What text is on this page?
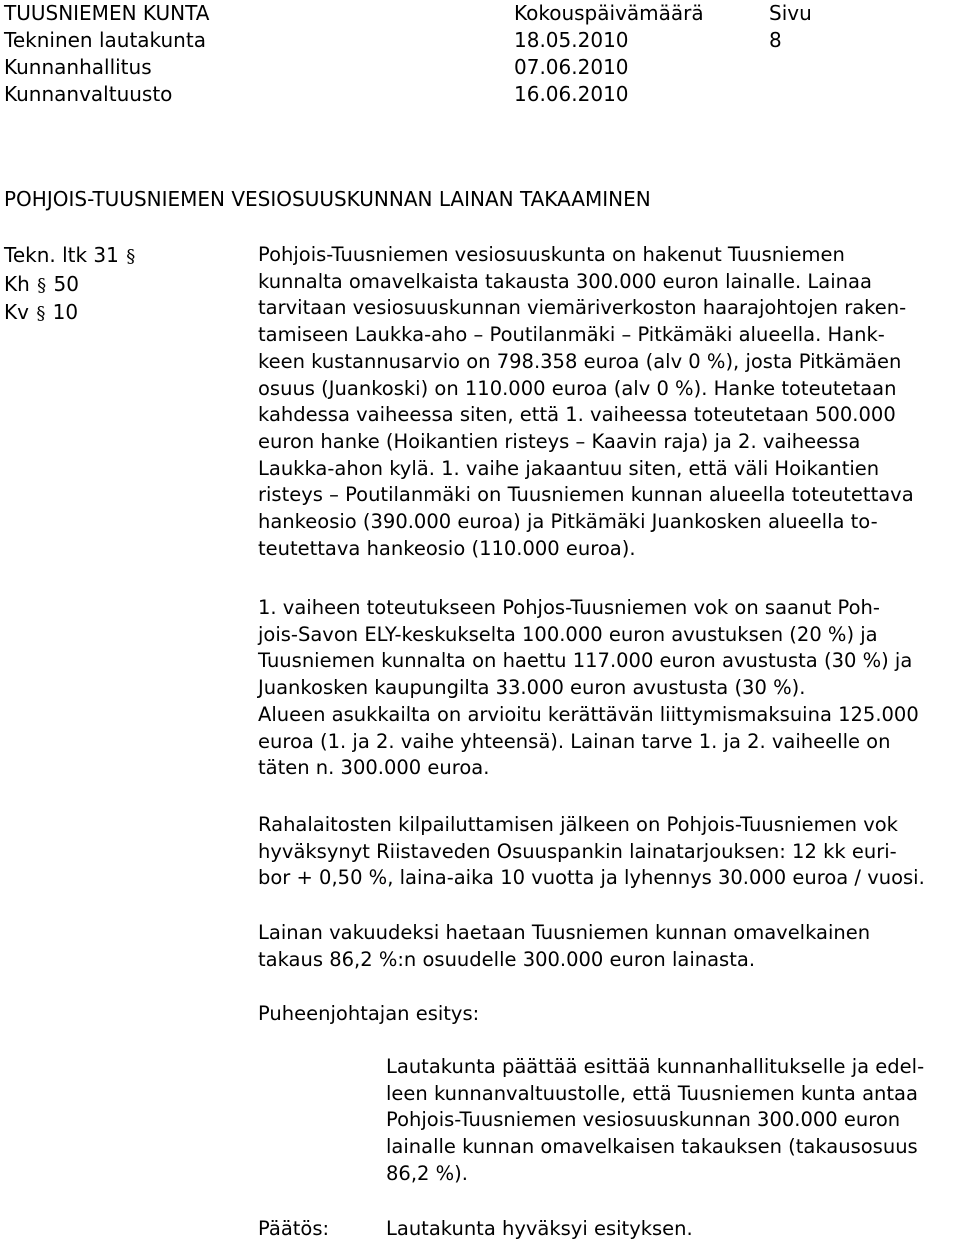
TUUSNIEMEN KUNTA	Kokouspäivämäärä	Sivu
Tekninen lautakunta	18.05.2010	8
Kunnanhallitus	07.06.2010
Kunnanvaltuusto	16.06.2010
POHJOIS-TUUSNIEMEN VESIOSUUSKUNNAN LAINAN TAKAAMINEN
Tekn. ltk 31 §
Kh § 50
Kv § 10
Pohjois-Tuusniemen vesiosuuskunta on hakenut Tuusniemen
kunnalta omavelkaista takausta 300.000 euron lainalle. Lainaa
tarvitaan vesiosuuskunnan viemäriverkoston haarajohtojen raken-
tamiseen Laukka-aho – Poutilanmäki – Pitkämäki alueella. Hank-
keen kustannusarvio on 798.358 euroa (alv 0 %), josta Pitkämäen
osuus (Juankoski) on 110.000 euroa (alv 0 %). Hanke toteutetaan
kahdessa vaiheessa siten, että 1. vaiheessa toteutetaan 500.000
euron hanke (Hoikantien risteys – Kaavin raja) ja 2. vaiheessa
Laukka-ahon kylä. 1. vaihe jakaantuu siten, että väli Hoikantien
risteys – Poutilanmäki on Tuusniemen kunnan alueella toteutettava
hankeosio (390.000 euroa) ja Pitkämäki Juankosken alueella to-
teutettava hankeosio (110.000 euroa).
1. vaiheen toteutukseen Pohjos-Tuusniemen vok on saanut Poh-
jois-Savon ELY-keskukselta 100.000 euron avustuksen (20 %) ja
Tuusniemen kunnalta on haettu 117.000 euron avustusta (30 %) ja
Juankosken kaupungilta 33.000 euron avustusta (30 %).
Alueen asukkailta on arvioitu kerättävän liittymismaksuina 125.000
euroa (1. ja 2. vaihe yhteensä). Lainan tarve 1. ja 2. vaiheelle on
täten n. 300.000 euroa.
Rahalaitosten kilpailuttamisen jälkeen on Pohjois-Tuusniemen vok
hyväksynyt Riistaveden Osuuspankin lainatarjouksen: 12 kk euri-
bor + 0,50 %, laina-aika 10 vuotta ja lyhennys 30.000 euroa / vuosi.
Lainan vakuudeksi haetaan Tuusniemen kunnan omavelkainen
takaus 86,2 %:n osuudelle 300.000 euron lainasta.
Puheenjohtajan esitys:
Lautakunta päättää esittää kunnanhallitukselle ja edel-
leen kunnanvaltuustolle, että Tuusniemen kunta antaa
Pohjois-Tuusniemen vesiosuuskunnan 300.000 euron
lainalle kunnan omavelkaisen takauksen (takausosuus
86,2 %).
Päätös:	Lautakunta hyväksyi esityksen.
